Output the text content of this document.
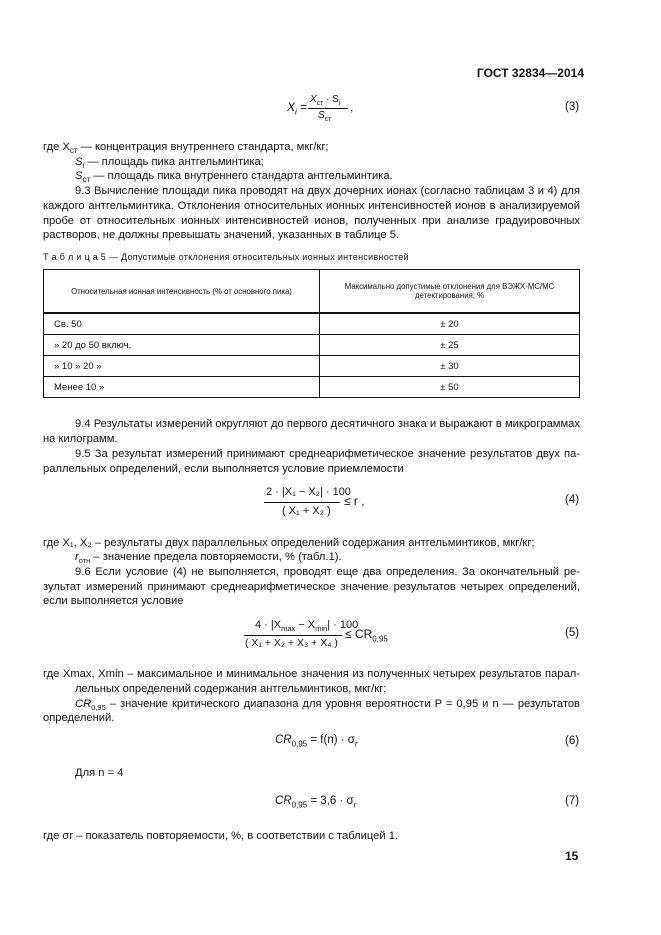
ГОСТ 32834—2014
$X_i$ =
$X_{ст} \cdot S_i$
$S_{ст}$
,	(3)
где $X_{ст}$ — концентрация внутреннего стандарта, мкг/кг;
$S_i$ — площадь пика антгельминтика;
$S_{ст}$ — площадь пика внутреннего стандарта антгельминтика.
9.3 Вычисление площади пика проводят на двух дочерних ионах (согласно таблицам 3 и 4) для
каждого антгельминтика. Отклонения относительных ионных интенсивностей ионов в анализируемой
пробе от относительных ионных интенсивностей ионов, полученных при анализе градуировочных
растворов, не должны превышать значений, указанных в таблице 5.
Т а б л и ц а 5 — Допустимые отклонения относительных ионных интенсивностей
Относительная ионная интенсивность (% от основного пика)	Максимально допустимые отклонения для ВЭЖХ-МС/МС
детектирования, %

Св. 50	± 20
» 20 до 50 включ.	± 25
» 10 » 20 »	± 30
Менее 10 »	± 50
9.4 Результаты измерений округляют до первого десятичного знака и выражают в микрограммах
на килограмм.
9.5 За результат измерений принимают среднеарифметическое значение результатов двух па-
раллельных определений, если выполняется условие приемлемости
2 · |X₁ − X₂| · 100
( X₁ + X₂ )
≤ r ,	(4)
где X₁, X₂ – результаты двух параллельных определений содержания антгельминтиков, мкг/кг;
$r_{отн}$ – значение предела повторяемости, % (табл.1).
9.6 Если условие (4) не выполняется, проводят еще два определения. За окончательный ре-
зультат измерений принимают среднеарифметическое значение результатов четырех определений,
если выполняется условие
$4 \cdot |X_{max} - X_{min}| \cdot 100$
( X₁ + X₂ + X₃ + X₄ )
≤ $CR_{0,95}$	(5)
где Xmax, Xmin – максимальное и минимальное значения из полученных четырех результатов парал-
лельных определений содержания антгельминтиков, мкг/кг;
$CR_{0,95}$ – значение критического диапазона для уровня вероятности P = 0,95 и n — результатов
определений.
$CR_{0,95} = f(n) \cdot \sigma_r$	(6)
Для n = 4
$CR_{0,95} = 3,6 \cdot \sigma_r$	(7)
где σr – показатель повторяемости, %, в соответствии с таблицей 1.
15
